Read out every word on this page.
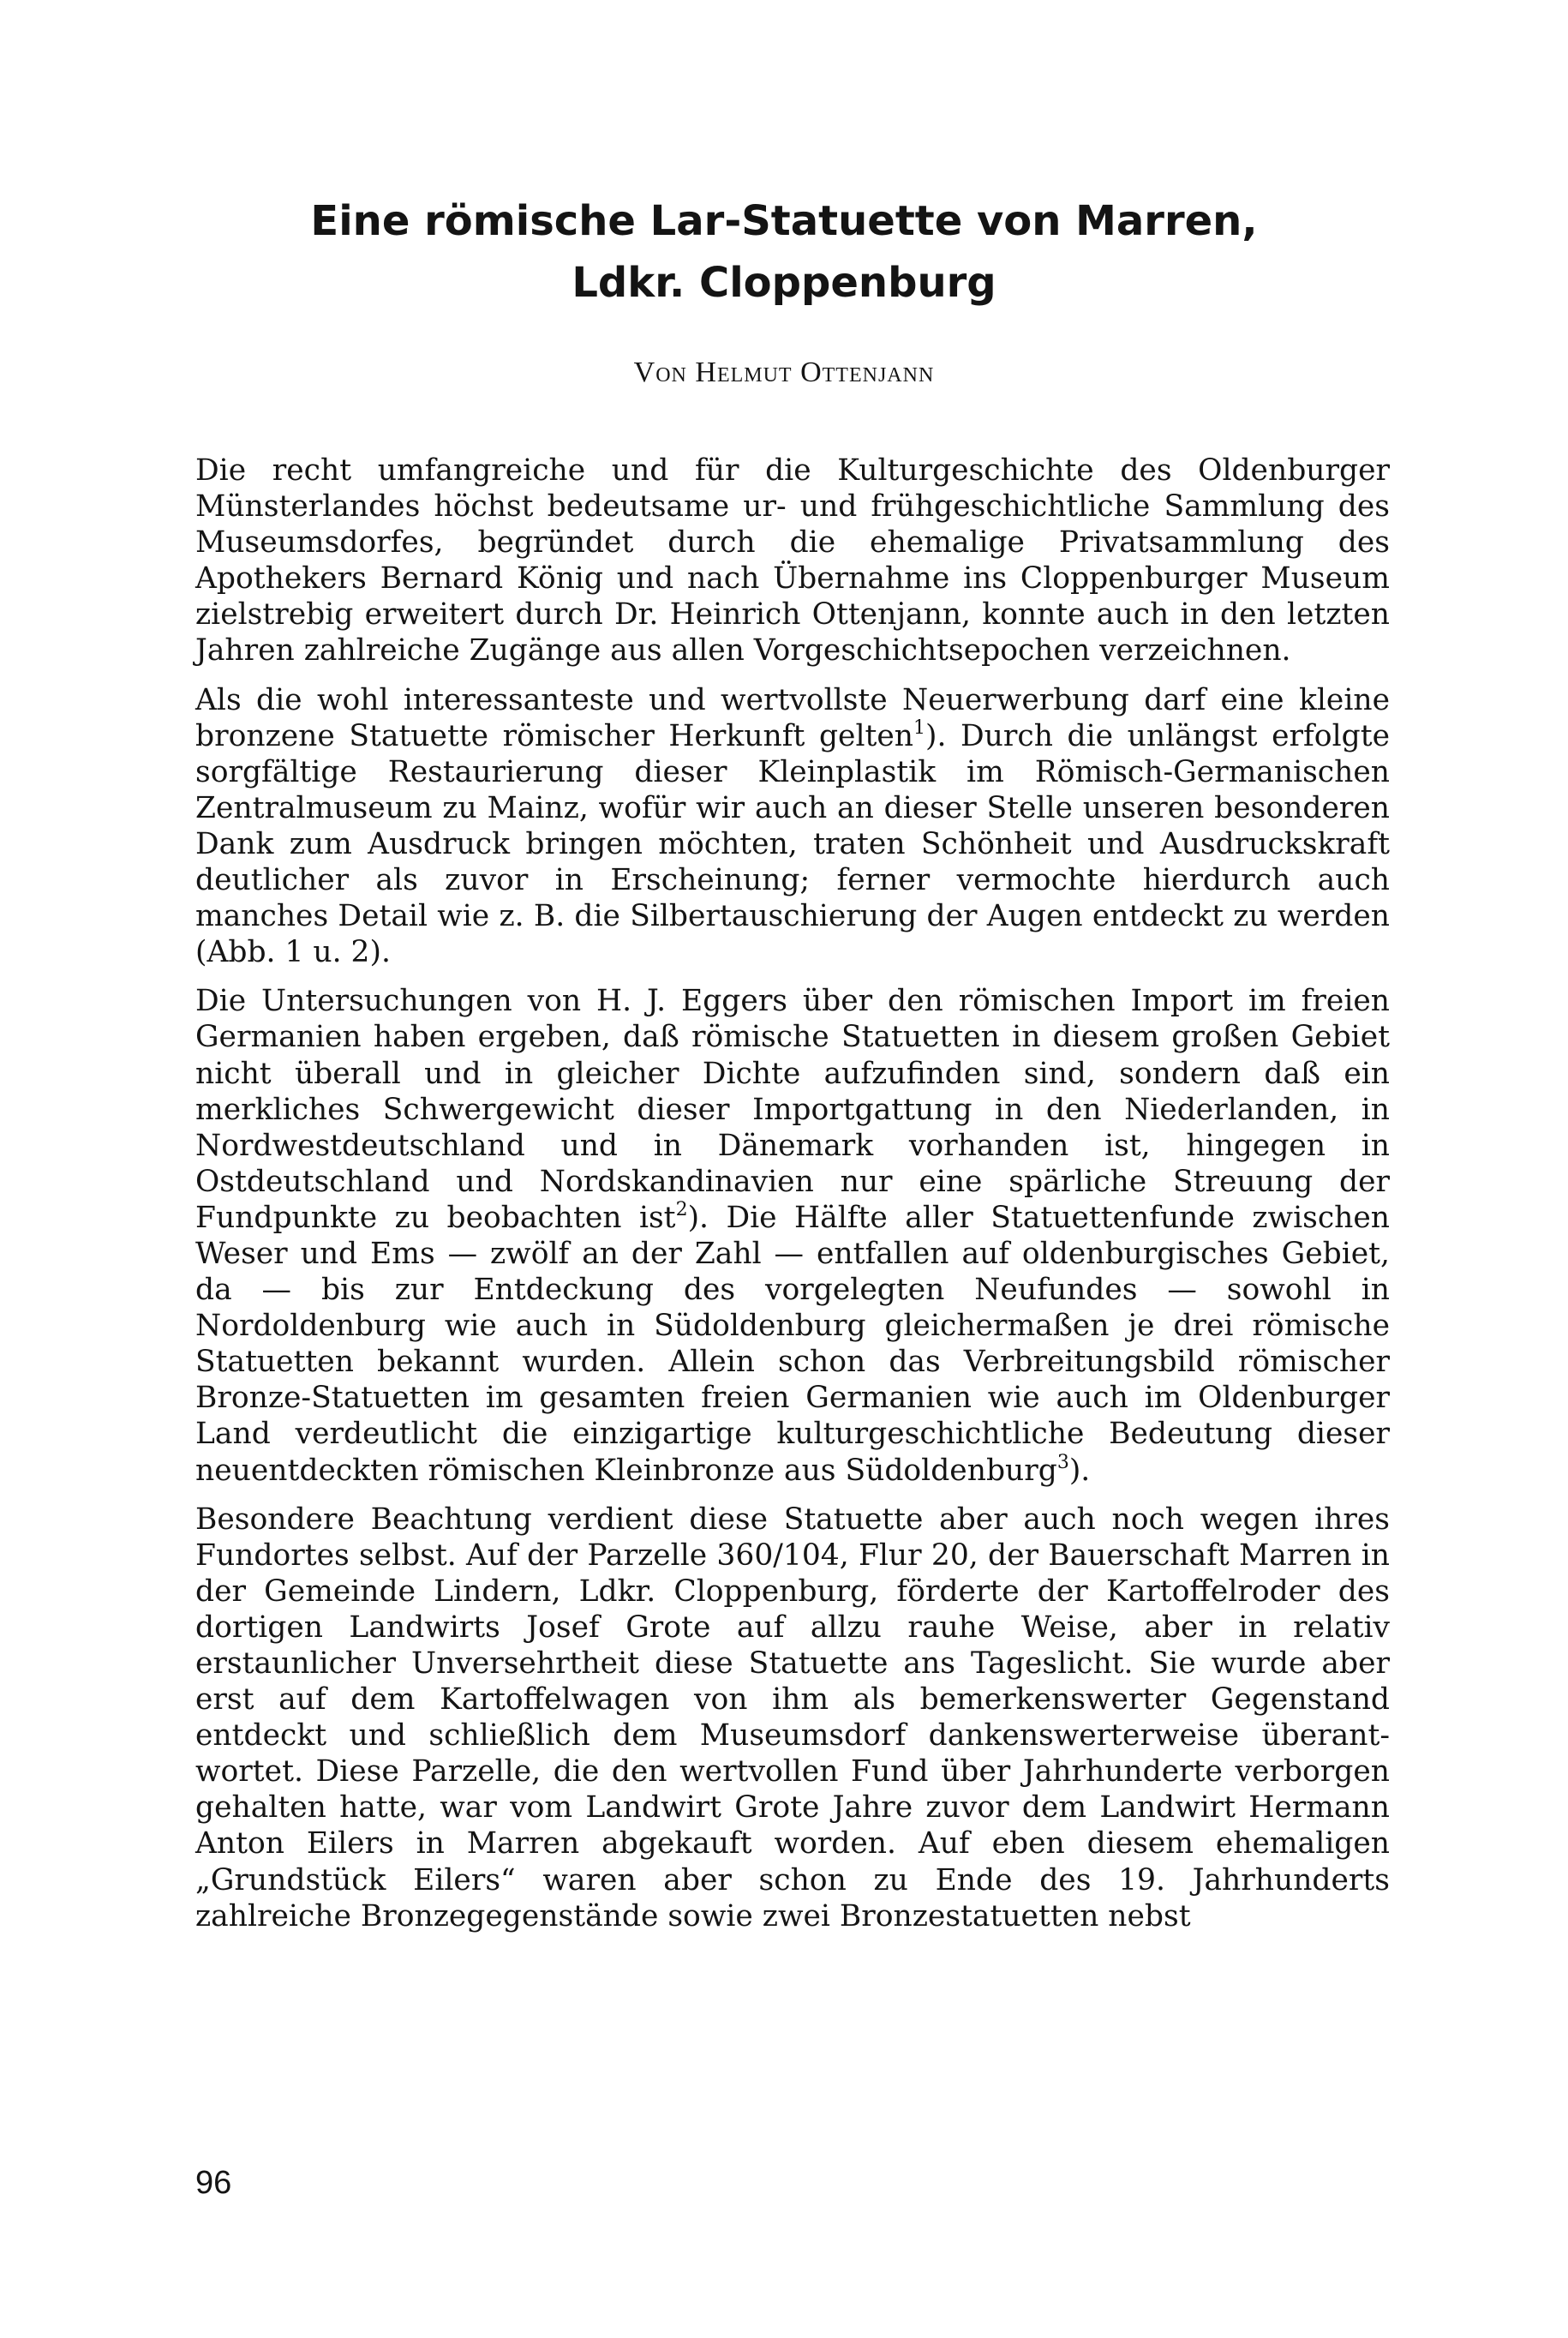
Eine römische Lar-Statuette von Marren,
Ldkr. Cloppenburg

Von Helmut Ottenjann

Die recht umfangreiche und für die Kulturgeschichte des Oldenburger Münsterlandes höchst bedeutsame ur- und frühgeschichtliche Sammlung des Museumsdorfes, begründet durch die ehemalige Privatsammlung des Apothekers Bernard König und nach Übernahme ins Cloppenburger Museum zielstrebig erweitert durch Dr. Heinrich Ottenjann, konnte auch in den letzten Jahren zahlreiche Zugänge aus allen Vorgeschichtsepochen verzeichnen.

Als die wohl interessanteste und wertvollste Neuerwerbung darf eine kleine bronzene Statuette römischer Herkunft gelten$^1$). Durch die unlängst erfolgte sorgfältige Restaurierung dieser Kleinplastik im Römisch-Germanischen Zentralmuseum zu Mainz, wofür wir auch an dieser Stelle unseren besonderen Dank zum Ausdruck bringen möchten, traten Schönheit und Ausdruckskraft deutlicher als zuvor in Erscheinung; ferner vermochte hierdurch auch manches Detail wie z. B. die Silbertauschierung der Augen entdeckt zu werden (Abb. 1 u. 2).

Die Untersuchungen von H. J. Eggers über den römischen Import im freien Germanien haben ergeben, daß römische Statuetten in diesem großen Gebiet nicht überall und in gleicher Dichte aufzufinden sind, sondern daß ein merkliches Schwergewicht dieser Importgattung in den Niederlanden, in Nordwestdeutschland und in Dänemark vorhanden ist, hingegen in Ostdeutschland und Nordskandinavien nur eine spärliche Streuung der Fundpunkte zu beobachten ist$^2$). Die Hälfte aller Statuettenfunde zwischen Weser und Ems — zwölf an der Zahl — entfallen auf oldenburgisches Gebiet, da — bis zur Entdeckung des vorgelegten Neufundes — sowohl in Nordoldenburg wie auch in Südoldenburg gleichermaßen je drei römische Statuetten bekannt wurden. Allein schon das Verbreitungsbild römischer Bronze-Statuetten im gesamten freien Germanien wie auch im Oldenburger Land verdeutlicht die einzigartige kulturgeschichtliche Bedeutung dieser neuentdeckten römischen Kleinbronze aus Südoldenburg$^3$).

Besondere Beachtung verdient diese Statuette aber auch noch wegen ihres Fundortes selbst. Auf der Parzelle 360/104, Flur 20, der Bauerschaft Marren in der Gemeinde Lindern, Ldkr. Cloppenburg, förderte der Kartoffelroder des dortigen Landwirts Josef Grote auf allzu rauhe Weise, aber in relativ erstaunlicher Unversehrtheit diese Statuette ans Tageslicht. Sie wurde aber erst auf dem Kartoffelwagen von ihm als bemerkenswerter Gegenstand entdeckt und schließlich dem Museumsdorf dankenswerterweise überantwortet. Diese Parzelle, die den wertvollen Fund über Jahrhunderte verborgen gehalten hatte, war vom Landwirt Grote Jahre zuvor dem Landwirt Hermann Anton Eilers in Marren abgekauft worden. Auf eben diesem ehemaligen „Grundstück Eilers“ waren aber schon zu Ende des 19. Jahrhunderts zahlreiche Bronzegegenstände sowie zwei Bronzestatuetten nebst

96
